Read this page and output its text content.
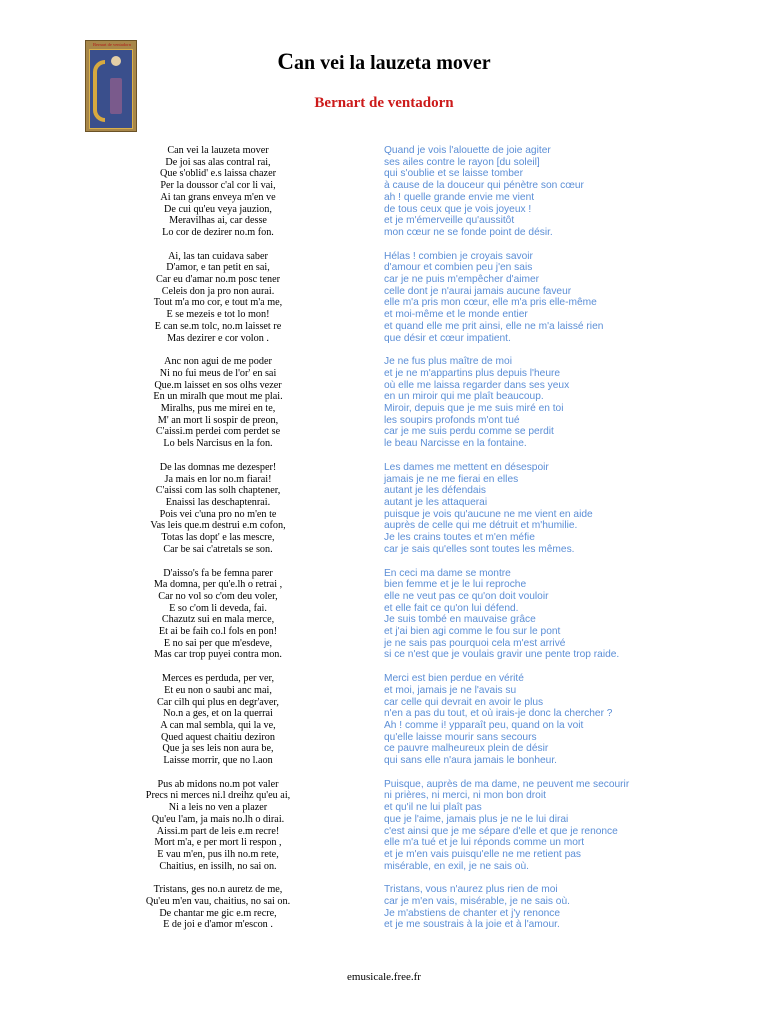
Bernart de ventadorn
Can vei la lauzeta mover
Bernart de ventadorn
Can vei la lauzeta mover
De joi sas alas contral rai,
Que s'oblid' e.s laissa chazer
Per la doussor c'al cor li vai,
Ai tan grans enveya m'en ve
De cui qu'eu veya jauzion,
Meravilhas ai, car desse
Lo cor de dezirer no.m fon.
Ai, las tan cuidava saber
D'amor, e tan petit en sai,
Car eu d'amar no.m posc tener
Celeis don ja pro non aurai.
Tout m'a mo cor, e tout m'a me,
E se mezeis e tot lo mon!
E can se.m tolc, no.m laisset re
Mas dezirer e cor volon .
Anc non agui de me poder
Ni no fui meus de l'or' en sai
Que.m laisset en sos olhs vezer
En un miralh que mout me plai.
Miralhs, pus me mirei en te,
M' an mort li sospir de preon,
C'aissi.m perdei com perdet se
Lo bels Narcisus en la fon.
De las domnas me dezesper!
Ja mais en lor no.m fiarai!
C'aissi com las solh chaptener,
Enaissi las deschaptenrai.
Pois vei c'una pro no m'en te
Vas leis que.m destrui e.m cofon,
Totas las dopt' e las mescre,
Car be sai c'atretals se son.
D'aisso's fa be femna parer
Ma domna, per qu'e.lh o retrai ,
Car no vol so c'om deu voler,
E so c'om li deveda, fai.
Chazutz sui en mala merce,
Et ai be faih co.l fols en pon!
E no sai per que m'esdeve,
Mas car trop puyei contra mon.
Merces es perduda, per ver,
Et eu non o saubi anc mai,
Car cilh qui plus en degr'aver,
No.n a ges, et on la querrai
A can mal sembla, qui la ve,
Qued aquest chaitiu deziron
Que ja ses leis non aura be,
Laisse morrir, que no l.aon
Pus ab midons no.m pot valer
Precs ni merces ni.l dreihz qu'eu ai,
Ni a leis no ven a plazer
Qu'eu l'am, ja mais no.lh o dirai.
Aissi.m part de leis e.m recre!
Mort m'a, e per mort li respon ,
E vau m'en, pus ilh no.m rete,
Chaitius, en issilh, no sai on.
Tristans, ges no.n auretz de me,
Qu'eu m'en vau, chaitius, no sai on.
De chantar me gic e.m recre,
E de joi e d'amor m'escon .
Quand je vois l'alouette de joie agiter
ses ailes contre le rayon [du soleil]
qui s'oublie et se laisse tomber
à cause de la douceur qui pénètre son cœur
ah ! quelle grande envie me vient
de tous ceux que je vois joyeux !
et je m'émerveille qu'aussitôt
mon cœur ne se fonde point de désir.
Hélas ! combien je croyais savoir
d'amour et combien peu j'en sais
car je ne puis m'empêcher d'aimer
celle dont je n'aurai jamais aucune faveur
elle m'a pris mon cœur, elle m'a pris elle-même
et moi-même et le monde entier
et quand elle me prit ainsi, elle ne m'a laissé rien
que désir et cœur impatient.
Je ne fus plus maître de moi
et je ne m'appartins plus depuis l'heure
où elle me laissa regarder dans ses yeux
en un miroir qui me plaît beaucoup.
Miroir, depuis que je me suis miré en toi
les soupirs profonds m'ont tué
car je me suis perdu comme se perdit
le beau Narcisse en la fontaine.
Les dames me mettent en désespoir
jamais je ne me fierai en elles
autant je les défendais
autant je les attaquerai
puisque je vois qu'aucune ne me vient en aide
auprès de celle qui me détruit et m'humilie.
Je les crains toutes et m'en méfie
car je sais qu'elles sont toutes les mêmes.
En ceci ma dame se montre
bien femme et je le lui reproche
elle ne veut pas ce qu'on doit vouloir
et elle fait ce qu'on lui défend.
Je suis tombé en mauvaise grâce
et j'ai bien agi comme le fou sur le pont
je ne sais pas pourquoi cela m'est arrivé
si ce n'est que je voulais gravir une pente trop raide.
Merci est bien perdue en vérité
et moi, jamais je ne l'avais su
car celle qui devrait en avoir le plus
n'en a pas du tout, et où irais-je donc la chercher ?
Ah ! comme i! ypparaît peu, quand on la voit
qu'elle laisse mourir sans secours
ce pauvre malheureux plein de désir
qui sans elle n'aura jamais le bonheur.
Puisque, auprès de ma dame, ne peuvent me secourir
ni prières, ni merci, ni mon bon droit
et qu'il ne lui plaît pas
que je l'aime, jamais plus je ne le lui dirai
c'est ainsi que je me sépare d'elle et que je renonce
elle m'a tué et je lui réponds comme un mort
et je m'en vais puisqu'elle ne me retient pas
misérable, en exil, je ne sais où.
Tristans, vous n'aurez plus rien de moi
car je m'en vais, misérable, je ne sais où.
Je m'abstiens de chanter et j'y renonce
et je me soustrais à la joie et à l'amour.
emusicale.free.fr
